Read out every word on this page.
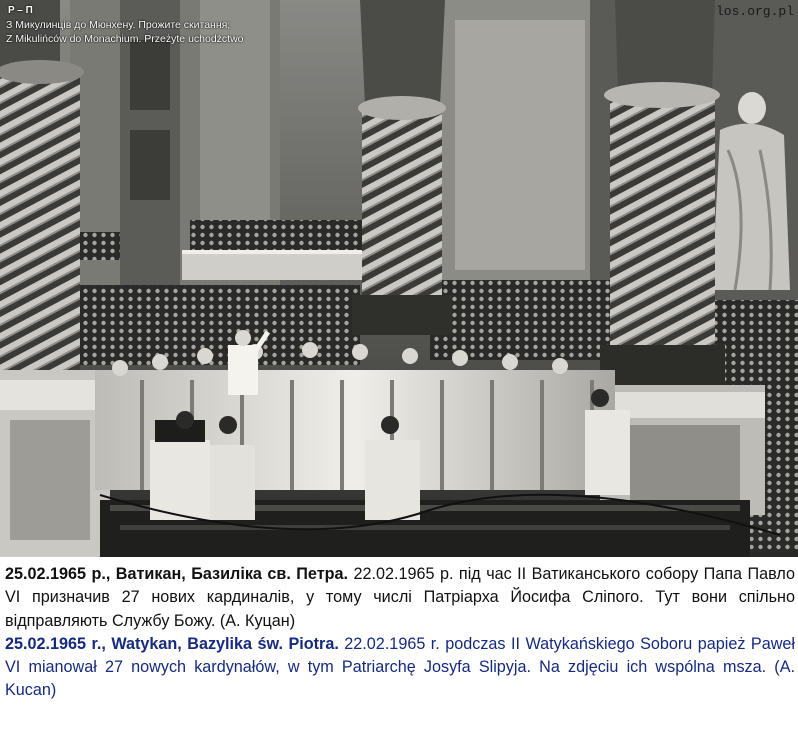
P – П
З Микулинців до Мюнхену. Прожите скитання;
Z Mikulińców do Monachium. Przeżyte uchodźctwo
los.org.pl

25.02.1965 р., Ватикан, Базиліка св. Петра. 22.02.1965 р. під час ІІ Ватиканського собору Папа Павло VI призначив 27 нових кардиналів, у тому числі Патріарха Йосифа Сліпого. Тут вони спільно відправляють Службу Божу. (А. Куцан)

25.02.1965 r., Watykan, Bazylika św. Piotra. 22.02.1965 r. podczas II Watykańskiego Soboru papież Paweł VI mianował 27 nowych kardynałów, w tym Patriarchę Josyfa Slipyja. Na zdjęciu ich wspólna msza. (A. Kucan)
